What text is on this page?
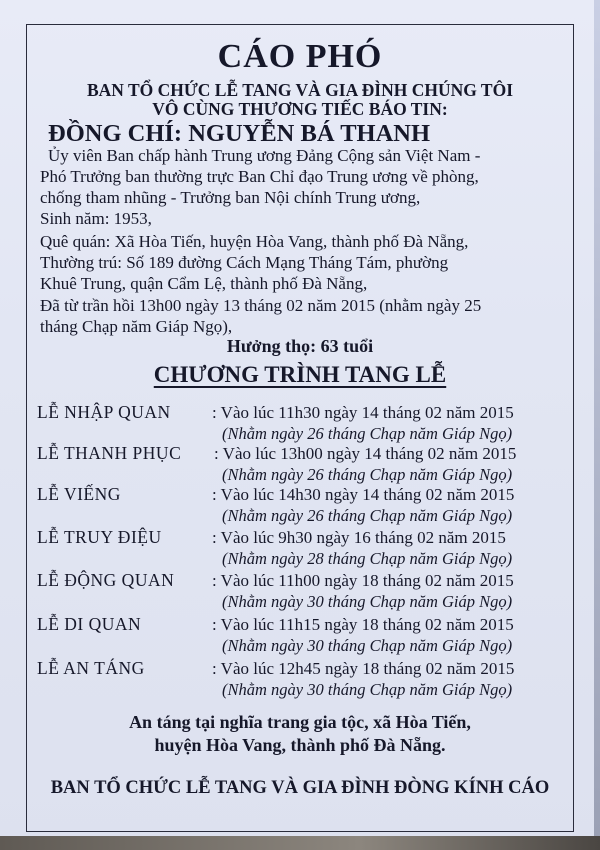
CÁO PHÓ
BAN TỔ CHỨC LỄ TANG VÀ GIA ĐÌNH CHÚNG TÔI
VÔ CÙNG THƯƠNG TIẾC BÁO TIN:
ĐỒNG CHÍ: NGUYỄN BÁ THANH
Ủy viên Ban chấp hành Trung ương Đảng Cộng sản Việt Nam -
Phó Trưởng ban thường trực Ban Chỉ đạo Trung ương về phòng,
chống tham nhũng - Trưởng ban Nội chính Trung ương,
Sinh năm: 1953,
Quê quán: Xã Hòa Tiến, huyện Hòa Vang, thành phố Đà Nẵng,
Thường trú: Số 189 đường Cách Mạng Tháng Tám, phường
Khuê Trung, quận Cẩm Lệ, thành phố Đà Nẵng,
Đã từ trần hồi 13h00 ngày 13 tháng 02 năm 2015 (nhằm ngày 25
tháng Chạp năm Giáp Ngọ),
Hưởng thọ: 63 tuổi
CHƯƠNG TRÌNH TANG LỄ
LỄ NHẬP QUAN : Vào lúc 11h30 ngày 14 tháng 02 năm 2015
(Nhằm ngày 26 tháng Chạp năm Giáp Ngọ)
LỄ THANH PHỤC : Vào lúc 13h00 ngày 14 tháng 02 năm 2015
(Nhằm ngày 26 tháng Chạp năm Giáp Ngọ)
LỄ VIẾNG	: Vào lúc 14h30 ngày 14 tháng 02 năm 2015
(Nhằm ngày 26 tháng Chạp năm Giáp Ngọ)
LỄ TRUY ĐIỆU	: Vào lúc 9h30 ngày 16 tháng 02 năm 2015
(Nhằm ngày 28 tháng Chạp năm Giáp Ngọ)
LỄ ĐỘNG QUAN : Vào lúc 11h00 ngày 18 tháng 02 năm 2015
(Nhằm ngày 30 tháng Chạp năm Giáp Ngọ)
LỄ DI QUAN	: Vào lúc 11h15 ngày 18 tháng 02 năm 2015
(Nhằm ngày 30 tháng Chạp năm Giáp Ngọ)
LỄ AN TÁNG	: Vào lúc 12h45 ngày 18 tháng 02 năm 2015
(Nhằm ngày 30 tháng Chạp năm Giáp Ngọ)
An táng tại nghĩa trang gia tộc, xã Hòa Tiến,
huyện Hòa Vang, thành phố Đà Nẵng.
BAN TỔ CHỨC LỄ TANG VÀ GIA ĐÌNH ĐÒNG KÍNH CÁO
